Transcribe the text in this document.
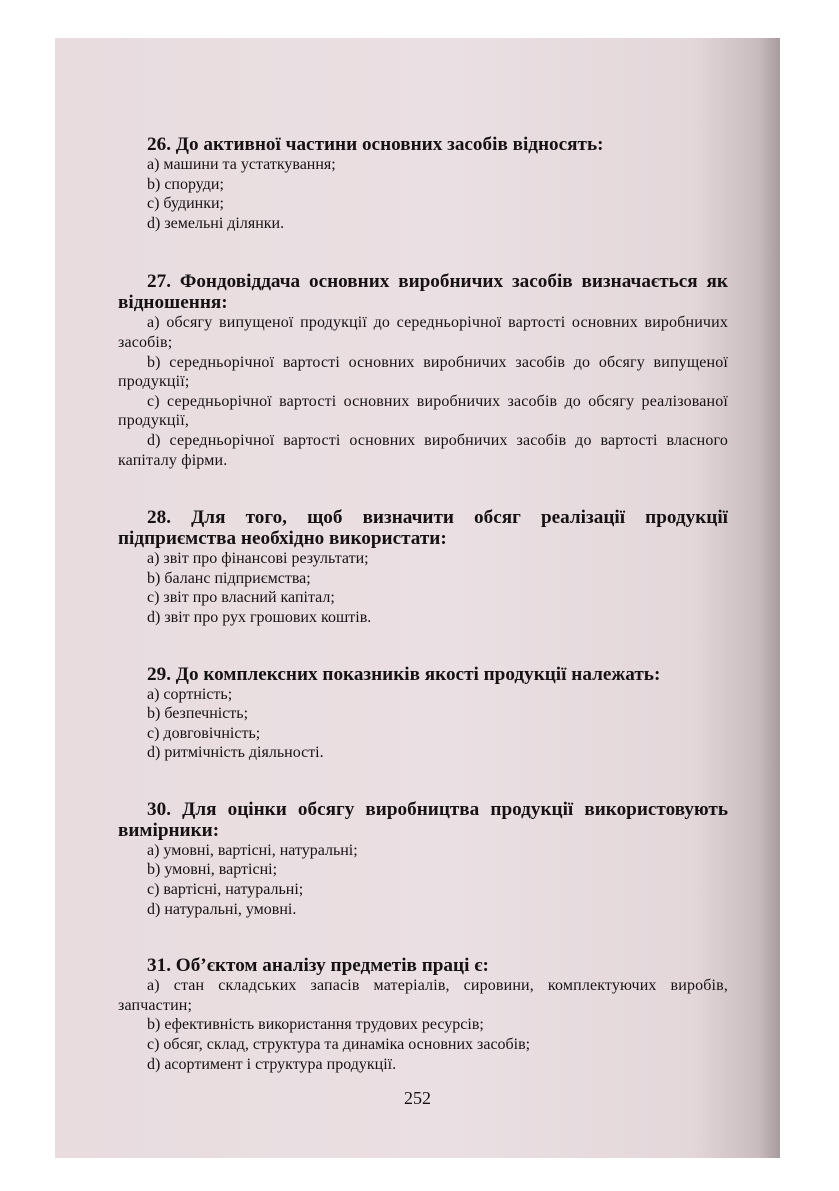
26. До активної частини основних засобів відносять:
a) машини та устаткування;
b) споруди;
c) будинки;
d) земельні ділянки.
27. Фондовіддача основних виробничих засобів визначається як відношення:
a) обсягу випущеної продукції до середньорічної вартості основних виробничих засобів;
b) середньорічної вартості основних виробничих засобів до обсягу випущеної продукції;
c) середньорічної вартості основних виробничих засобів до обсягу реалізованої продукції,
d) середньорічної вартості основних виробничих засобів до вартості власного капіталу фірми.
28. Для того, щоб визначити обсяг реалізації продукції підприємства необхідно використати:
a) звіт про фінансові результати;
b) баланс підприємства;
c) звіт про власний капітал;
d) звіт про рух грошових коштів.
29. До комплексних показників якості продукції належать:
a) сортність;
b) безпечність;
c) довговічність;
d) ритмічність діяльності.
30. Для оцінки обсягу виробництва продукції використовують вимірники:
a) умовні, вартісні, натуральні;
b) умовні, вартісні;
c) вартісні, натуральні;
d) натуральні, умовні.
31. Об’єктом аналізу предметів праці є:
a) стан складських запасів матеріалів, сировини, комплектуючих виробів, запчастин;
b) ефективність використання трудових ресурсів;
c) обсяг, склад, структура та динаміка основних засобів;
d) асортимент і структура продукції.
252
